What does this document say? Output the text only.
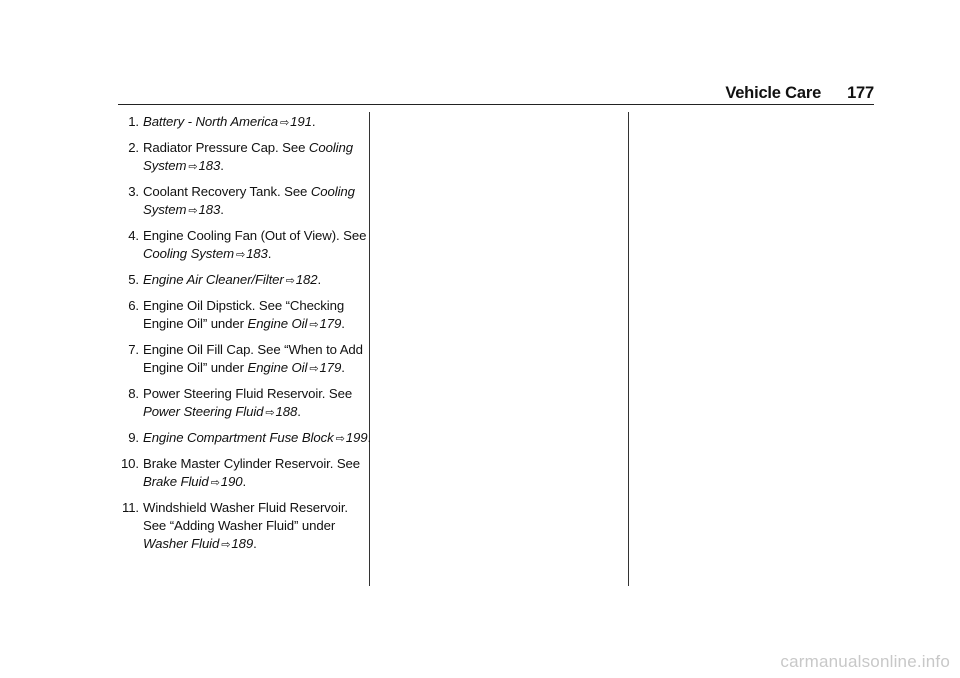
Vehicle Care 177
1. Battery - North America ⇨191.
2. Radiator Pressure Cap. See Cooling System ⇨183.
3. Coolant Recovery Tank. See Cooling System ⇨183.
4. Engine Cooling Fan (Out of View). See Cooling System ⇨183.
5. Engine Air Cleaner/Filter ⇨182.
6. Engine Oil Dipstick. See “Checking Engine Oil” under Engine Oil ⇨179.
7. Engine Oil Fill Cap. See “When to Add Engine Oil” under Engine Oil ⇨179.
8. Power Steering Fluid Reservoir. See Power Steering Fluid ⇨188.
9. Engine Compartment Fuse Block ⇨199.
10. Brake Master Cylinder Reservoir. See Brake Fluid ⇨190.
11. Windshield Washer Fluid Reservoir. See “Adding Washer Fluid” under Washer Fluid ⇨189.
carmanualsonline.info
